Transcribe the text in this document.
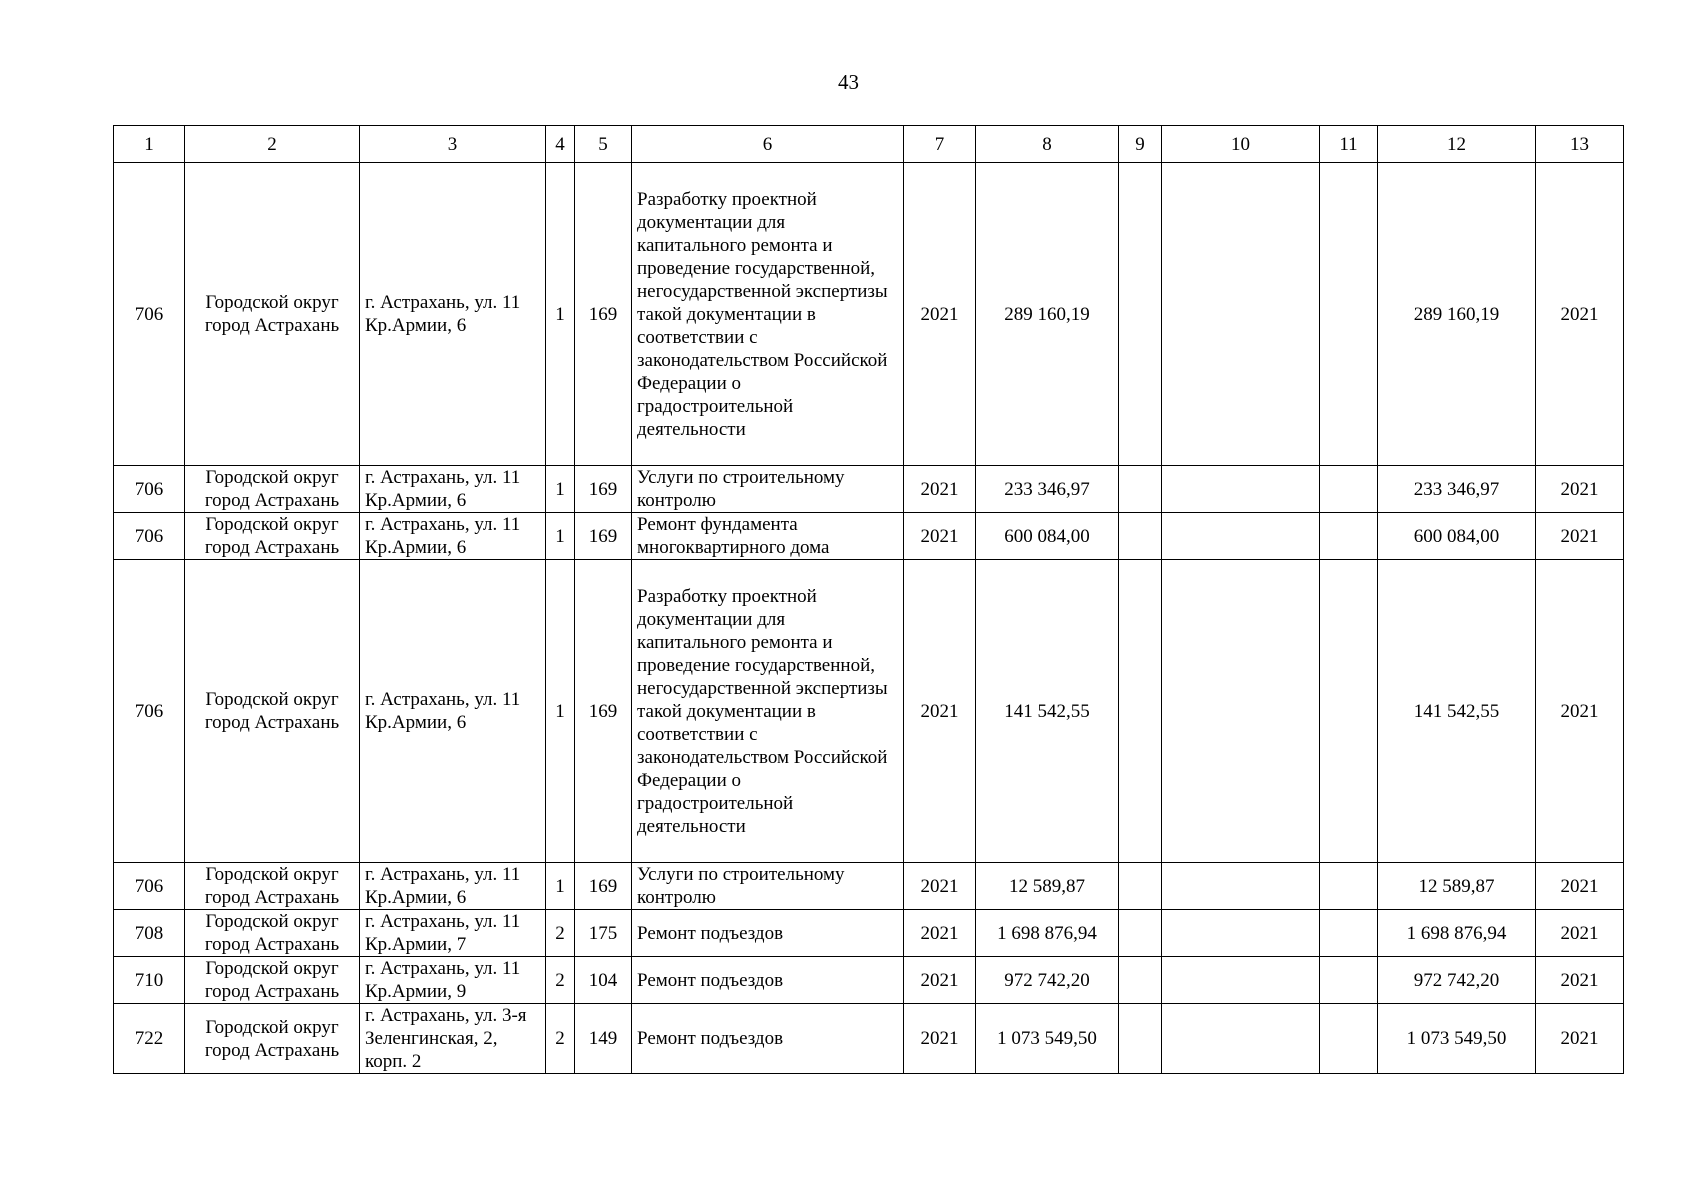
43
1	2	3	4	5	6	7	8	9	10	11	12	13
706	Городской округ город Астрахань	г. Астрахань, ул. 11 Кр.Армии, 6	1	169	Разработку проектной документации для капитального ремонта и проведение государственной, негосударственной экспертизы такой документации в соответствии с законодательством Российской Федерации о градостроительной деятельности	2021	289 160,19				289 160,19	2021
706	Городской округ город Астрахань	г. Астрахань, ул. 11 Кр.Армии, 6	1	169	Услуги по строительному контролю	2021	233 346,97				233 346,97	2021
706	Городской округ город Астрахань	г. Астрахань, ул. 11 Кр.Армии, 6	1	169	Ремонт фундамента многоквартирного дома	2021	600 084,00				600 084,00	2021
706	Городской округ город Астрахань	г. Астрахань, ул. 11 Кр.Армии, 6	1	169	Разработку проектной документации для капитального ремонта и проведение государственной, негосударственной экспертизы такой документации в соответствии с законодательством Российской Федерации о градостроительной деятельности	2021	141 542,55				141 542,55	2021
706	Городской округ город Астрахань	г. Астрахань, ул. 11 Кр.Армии, 6	1	169	Услуги по строительному контролю	2021	12 589,87				12 589,87	2021
708	Городской округ город Астрахань	г. Астрахань, ул. 11 Кр.Армии, 7	2	175	Ремонт подъездов	2021	1 698 876,94				1 698 876,94	2021
710	Городской округ город Астрахань	г. Астрахань, ул. 11 Кр.Армии, 9	2	104	Ремонт подъездов	2021	972 742,20				972 742,20	2021
722	Городской округ город Астрахань	г. Астрахань, ул. 3-я Зеленгинская, 2, корп. 2	2	149	Ремонт подъездов	2021	1 073 549,50				1 073 549,50	2021
